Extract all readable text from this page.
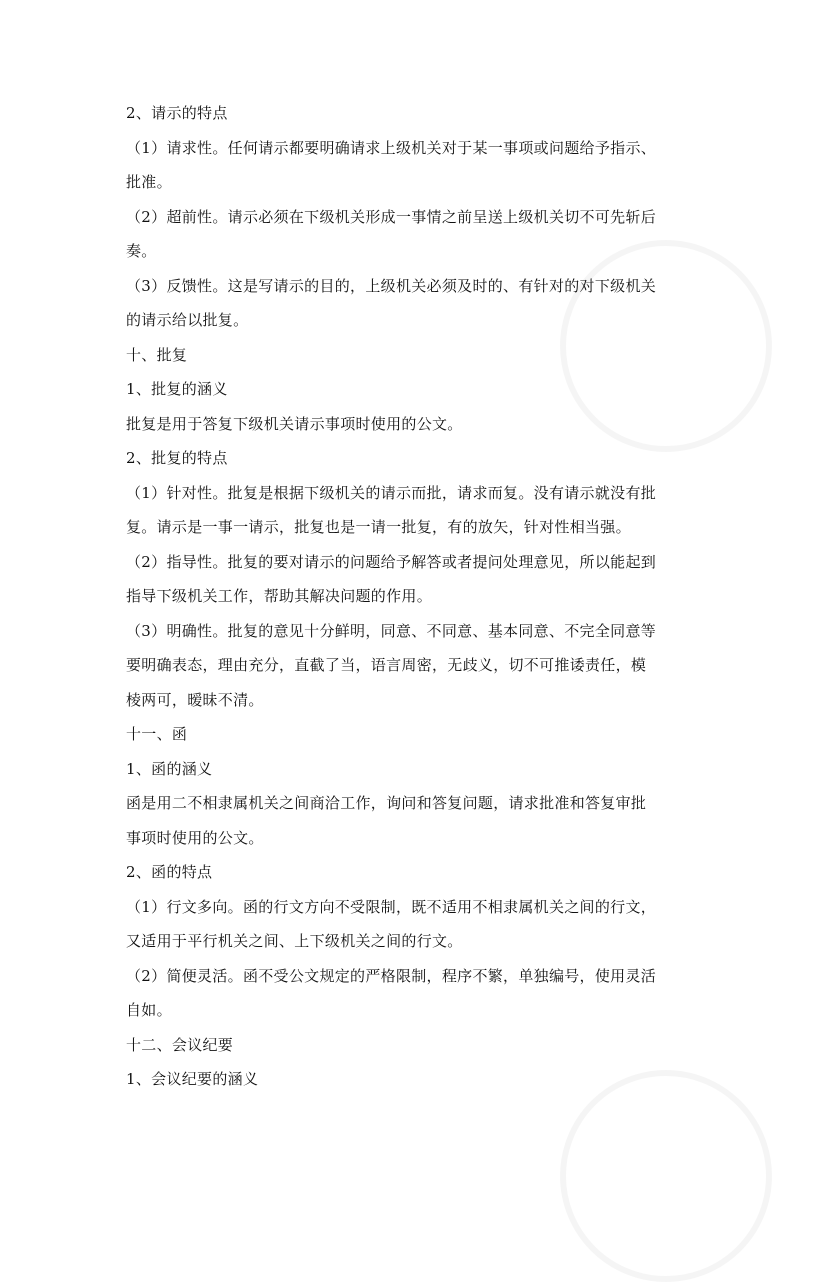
2、请示的特点
（1）请求性。任何请示都要明确请求上级机关对于某一事项或问题给予指示、
批准。
（2）超前性。请示必须在下级机关形成一事情之前呈送上级机关切不可先斩后
奏。
（3）反馈性。这是写请示的目的，上级机关必须及时的、有针对的对下级机关
的请示给以批复。
十、批复
1、批复的涵义
批复是用于答复下级机关请示事项时使用的公文。
2、批复的特点
（1）针对性。批复是根据下级机关的请示而批，请求而复。没有请示就没有批
复。请示是一事一请示，批复也是一请一批复，有的放矢，针对性相当强。
（2）指导性。批复的要对请示的问题给予解答或者提问处理意见，所以能起到
指导下级机关工作，帮助其解决问题的作用。
（3）明确性。批复的意见十分鲜明，同意、不同意、基本同意、不完全同意等
要明确表态，理由充分，直截了当，语言周密，无歧义，切不可推诿责任，模
棱两可，暧昧不清。
十一、函
1、函的涵义
函是用二不相隶属机关之间商洽工作，询问和答复问题，请求批准和答复审批
事项时使用的公文。
2、函的特点
（1）行文多向。函的行文方向不受限制，既不适用不相隶属机关之间的行文，
又适用于平行机关之间、上下级机关之间的行文。
（2）简便灵活。函不受公文规定的严格限制，程序不繁，单独编号，使用灵活
自如。
十二、会议纪要
1、会议纪要的涵义
